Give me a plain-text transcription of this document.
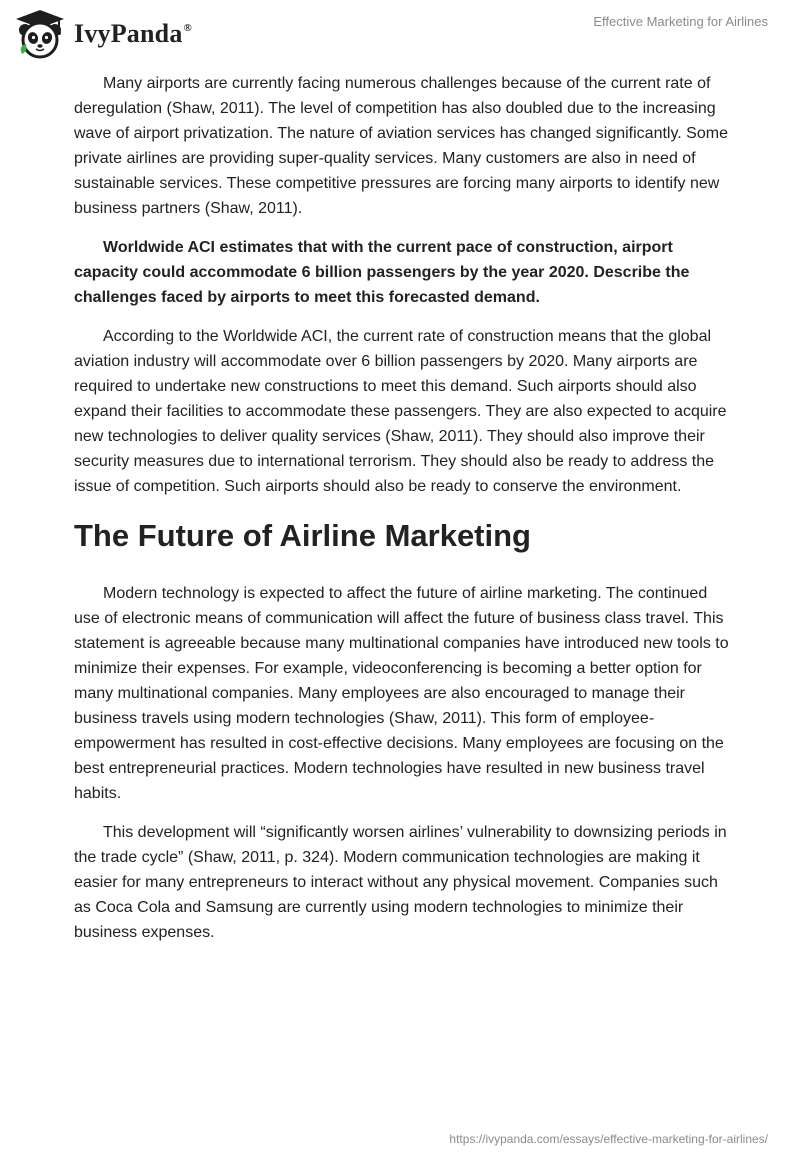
IvyPanda®	Effective Marketing for Airlines

Many airports are currently facing numerous challenges because of the current rate of deregulation (Shaw, 2011). The level of competition has also doubled due to the increasing wave of airport privatization. The nature of aviation services has changed significantly. Some private airlines are providing super-quality services. Many customers are also in need of sustainable services. These competitive pressures are forcing many airports to identify new business partners (Shaw, 2011).

Worldwide ACI estimates that with the current pace of construction, airport capacity could accommodate 6 billion passengers by the year 2020. Describe the challenges faced by airports to meet this forecasted demand.

According to the Worldwide ACI, the current rate of construction means that the global aviation industry will accommodate over 6 billion passengers by 2020. Many airports are required to undertake new constructions to meet this demand. Such airports should also expand their facilities to accommodate these passengers. They are also expected to acquire new technologies to deliver quality services (Shaw, 2011). They should also improve their security measures due to international terrorism. They should also be ready to address the issue of competition. Such airports should also be ready to conserve the environment.

The Future of Airline Marketing

Modern technology is expected to affect the future of airline marketing. The continued use of electronic means of communication will affect the future of business class travel. This statement is agreeable because many multinational companies have introduced new tools to minimize their expenses. For example, videoconferencing is becoming a better option for many multinational companies. Many employees are also encouraged to manage their business travels using modern technologies (Shaw, 2011). This form of employee-empowerment has resulted in cost-effective decisions. Many employees are focusing on the best entrepreneurial practices. Modern technologies have resulted in new business travel habits.

This development will “significantly worsen airlines’ vulnerability to downsizing periods in the trade cycle” (Shaw, 2011, p. 324). Modern communication technologies are making it easier for many entrepreneurs to interact without any physical movement. Companies such as Coca Cola and Samsung are currently using modern technologies to minimize their business expenses.

https://ivypanda.com/essays/effective-marketing-for-airlines/
